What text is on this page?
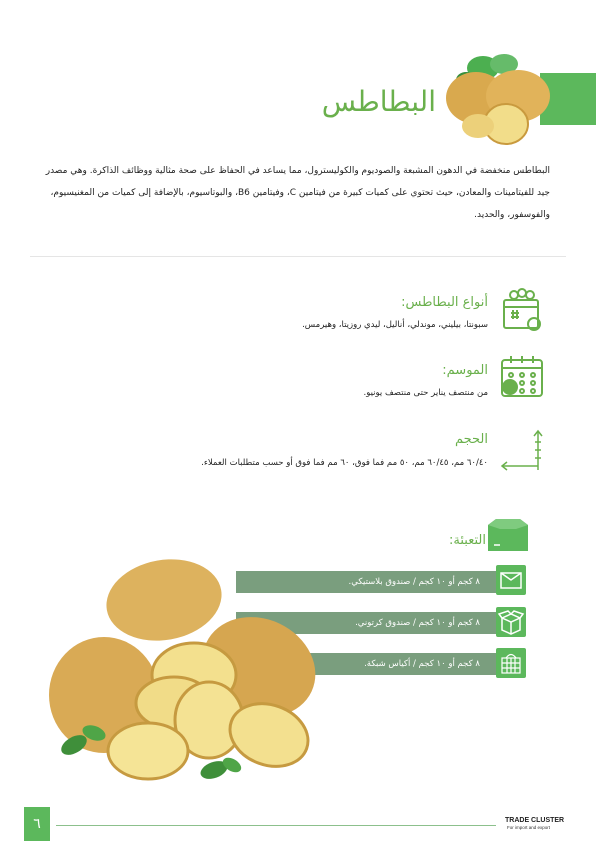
البطاطس
البطاطس منخفضة في الدهون المشبعة والصوديوم والكوليسترول، مما يساعد في الحفاظ على صحة مثالية ووظائف الذاكرة. وهي مصدر جيد للفيتامينات والمعادن، حيث تحتوي على كميات كبيرة من فيتامين C، وفيتامين B6، والبوتاسيوم، بالإضافة إلى كميات من المغنيسيوم، والفوسفور، والحديد.
أنواع البطاطس:
سبونتا، بيليني، موندلي، أناليل، ليدي روزيتا، وهيرمس.
الموسم:
من منتصف يناير حتى منتصف يونيو.
الحجم
٦٠/٤٠ مم، ٦٠/٤٥ مم، ٥٠ مم فما فوق، ٦٠ مم فما فوق أو حسب متطلبات العملاء.
التعبئة:
٨ كجم أو ١٠ كجم / صندوق بلاستيكي.
٨ كجم أو ١٠ كجم / صندوق كرتوني.
٨ كجم أو ١٠ كجم / أكياس شبكة.
٦	TRADE CLUSTER
For import and export
